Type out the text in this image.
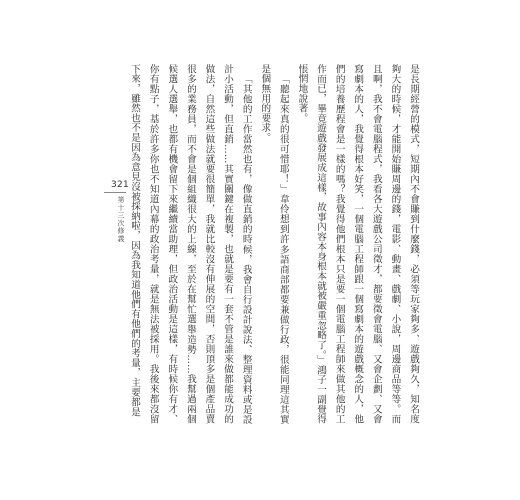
是長期經營的模式，短期內不會賺到什麼錢，必須等玩家夠多、遊戲夠久，知名度夠大的時候，才能開始賺周邊的錢，電影、動畫、戲劇、小說，周邊商品等等。而且啊，我不會電腦程式，我看各大遊戲公司徵才，都要徵會電腦、又會企劃、又會寫劇本的人，我覺得根本好笑，一個電腦工程師跟一個寫劇本的遊戲概念的人，他們的培養歷程會是一樣的嗎？我覺得他們根本只是要一個電腦工程師來做其他的工作而已，畢竟遊戲發展成這樣，故事內容本身根本就被嚴重忽略了。」鴻子一副覺得悵惘地說著。

「聽起來真的很可惜耶！」韋伶想到許多語商部都要兼做行政，很能同理這其實是個無用的要求。

「其他的工作當然也有，像做直銷的時候，我會自行設計說法、整理資料或是設計小活動，但直銷……其實關鍵在複製，也就是要有一套不管是誰來做都能成功的做法，自然這些做法就要很簡單，我就比較沒有伸展的空間，否則頂多是個產品賣很多的業務員，而不會是個組織很大的上線，至於在幫忙選舉造勢……我幫過兩個候選人選舉，也都有機會留下來繼續當助理，但政治活動是這樣，有時候你有才、你有點子，基於許多你也不知道內幕的政治考量，就是無法被採用。我後來都沒留下來，雖然也不是因為意見沒被採納啦，因為我知道他們有他們的考量，主要都是

321
第十三次修義
